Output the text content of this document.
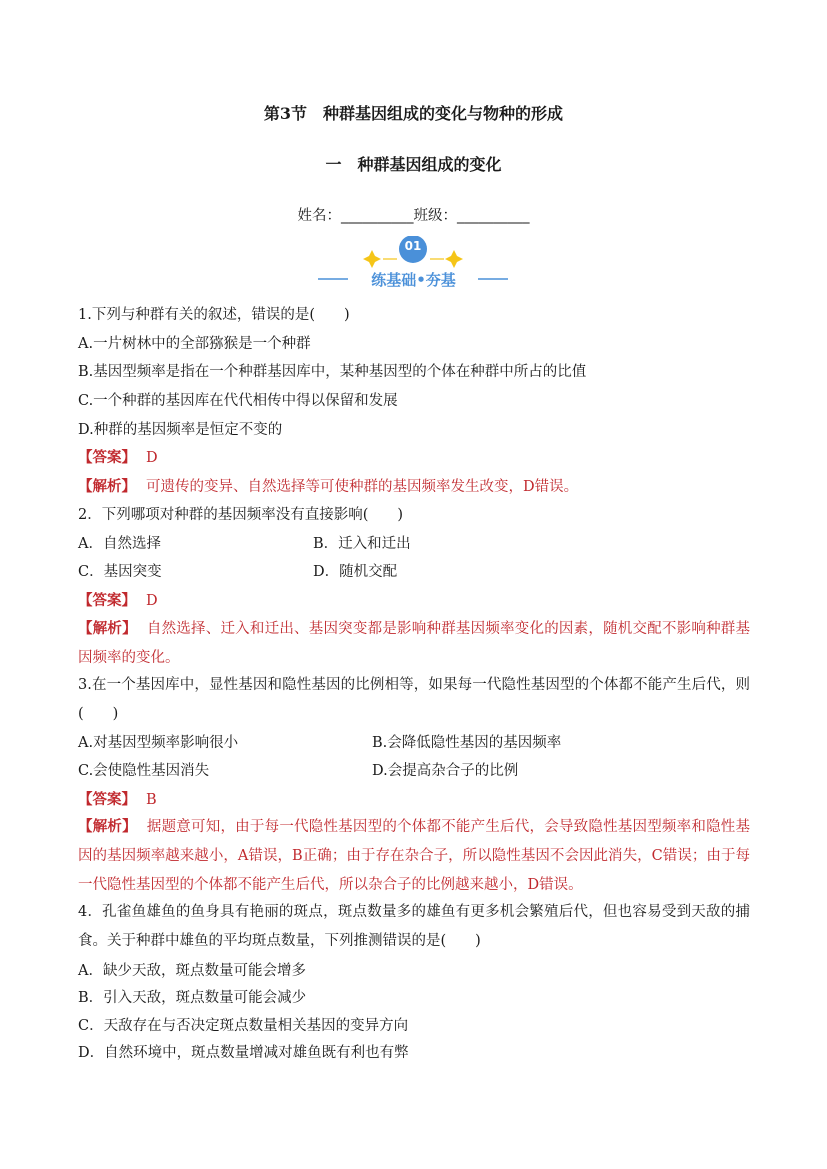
第3节　种群基因组成的变化与物种的形成
一　种群基因组成的变化
姓名：__________班级：__________
01
练基础•夯基
1.下列与种群有关的叙述，错误的是(　　)
A.一片树林中的全部猕猴是一个种群
B.基因型频率是指在一个种群基因库中，某种基因型的个体在种群中所占的比值
C.一个种群的基因库在代代相传中得以保留和发展
D.种群的基因频率是恒定不变的
【答案】 D
【解析】 可遗传的变异、自然选择等可使种群的基因频率发生改变，D错误。
2．下列哪项对种群的基因频率没有直接影响(　　)
A．自然选择	B．迁入和迁出
C．基因突变	D．随机交配
【答案】 D
【解析】 自然选择、迁入和迁出、基因突变都是影响种群基因频率变化的因素，随机交配不影响种群基因频率的变化。
3.在一个基因库中，显性基因和隐性基因的比例相等，如果每一代隐性基因型的个体都不能产生后代，则(　　)
A.对基因型频率影响很小	B.会降低隐性基因的基因频率
C.会使隐性基因消失	D.会提高杂合子的比例
【答案】 B
【解析】 据题意可知，由于每一代隐性基因型的个体都不能产生后代，会导致隐性基因型频率和隐性基因的基因频率越来越小，A错误，B正确；由于存在杂合子，所以隐性基因不会因此消失，C错误；由于每一代隐性基因型的个体都不能产生后代，所以杂合子的比例越来越小，D错误。
4．孔雀鱼雄鱼的鱼身具有艳丽的斑点，斑点数量多的雄鱼有更多机会繁殖后代，但也容易受到天敌的捕食。关于种群中雄鱼的平均斑点数量，下列推测错误的是(　　)
A．缺少天敌，斑点数量可能会增多
B．引入天敌，斑点数量可能会减少
C．天敌存在与否决定斑点数量相关基因的变异方向
D．自然环境中，斑点数量增减对雄鱼既有利也有弊
